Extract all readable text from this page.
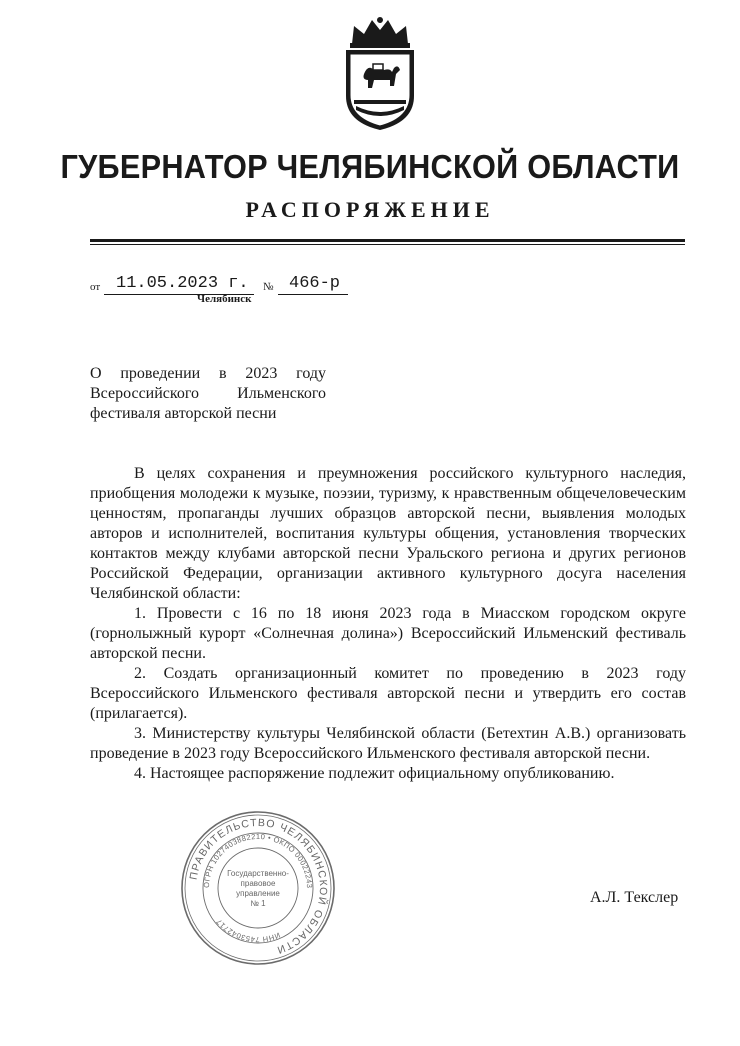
ГУБЕРНАТОР ЧЕЛЯБИНСКОЙ ОБЛАСТИ
РАСПОРЯЖЕНИЕ
от 11.05.2023 г. № 466-р
Челябинск
О проведении в 2023 году
Всероссийского Ильменского
фестиваля авторской песни

В целях сохранения и преумножения российского культурного наследия, приобщения молодежи к музыке, поэзии, туризму, к нравственным общечеловеческим ценностям, пропаганды лучших образцов авторской песни, выявления молодых авторов и исполнителей, воспитания культуры общения, установления творческих контактов между клубами авторской песни Уральского региона и других регионов Российской Федерации, организации активного культурного досуга населения Челябинской области:

1. Провести с 16 по 18 июня 2023 года в Миасском городском округе (горнолыжный курорт «Солнечная долина») Всероссийский Ильменский фестиваль авторской песни.

2. Создать организационный комитет по проведению в 2023 году Всероссийского Ильменского фестиваля авторской песни и утвердить его состав (прилагается).

3. Министерству культуры Челябинской области (Бетехтин А.В.) организовать проведение в 2023 году Всероссийского Ильменского фестиваля авторской песни.

4. Настоящее распоряжение подлежит официальному опубликованию.

ПРАВИТЕЛЬСТВО ЧЕЛЯБИНСКОЙ ОБЛАСТИ
ОГРН 1027403882210 • ОКПО 00022243
ИНН 7453042717
Государственно-
правовое
управление
№ 1	А.Л. Текслер
